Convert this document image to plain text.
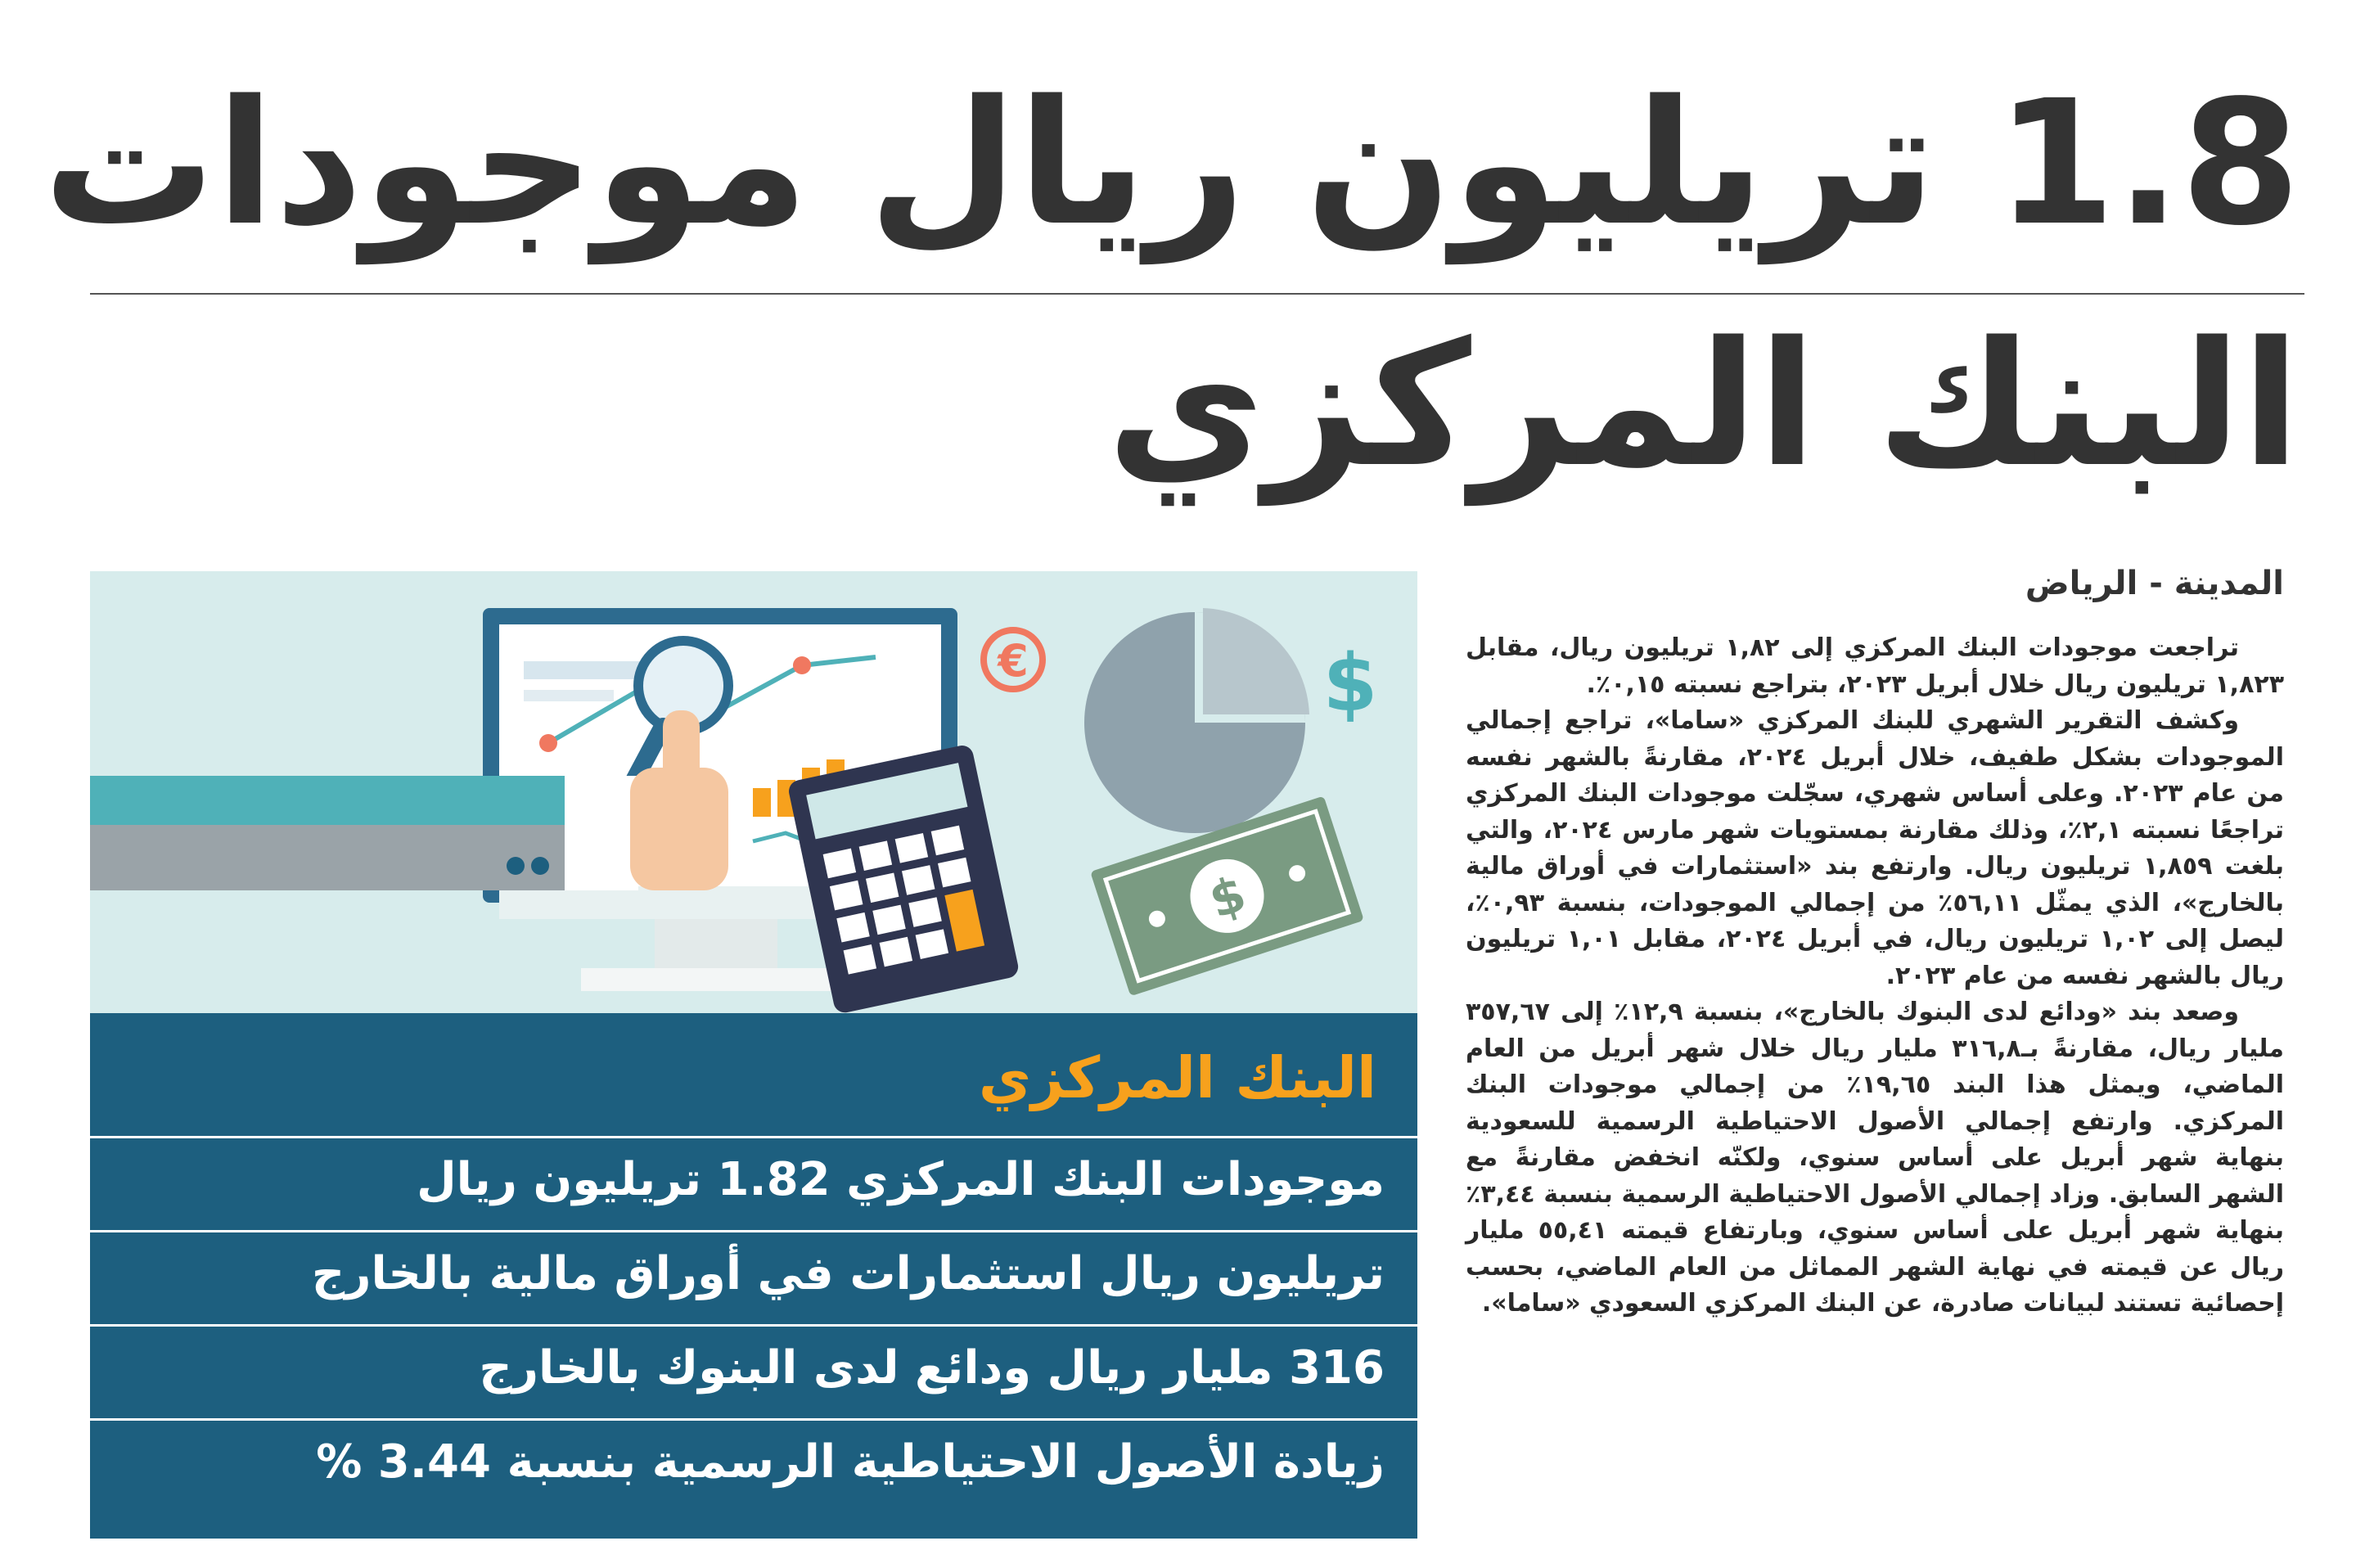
1.8 تريليون ريال موجودات
البنك المركزي
المدينة - الرياض

تراجعت موجودات البنك المركزي إلى ١,٨٢ تريليون ريال، مقابل ١,٨٢٣ تريليون ريال خلال أبريل ٢٠٢٣، بتراجع نسبته ٠,١٥٪.

وكشف التقرير الشهري للبنك المركزي «ساما»، تراجع إجمالي الموجودات بشكل طفيف، خلال أبريل ٢٠٢٤، مقارنةً بالشهر نفسه من عام ٢٠٢٣. وعلى أساس شهري، سجّلت موجودات البنك المركزي تراجعًا نسبته ٢,١٪، وذلك مقارنة بمستويات شهر مارس ٢٠٢٤، والتي بلغت ١,٨٥٩ تريليون ريال. وارتفع بند «استثمارات في أوراق مالية بالخارج»، الذي يمثّل ٥٦,١١٪ من إجمالي الموجودات، بنسبة ٠,٩٣٪، ليصل إلى ١,٠٢ تريليون ريال، في أبريل ٢٠٢٤، مقابل ١,٠١ تريليون ريال بالشهر نفسه من عام ٢٠٢٣.

وصعد بند «ودائع لدى البنوك بالخارج»، بنسبة ١٢,٩٪ إلى ٣٥٧,٦٧ مليار ريال، مقارنةً بـ٣١٦,٨ مليار ريال خلال شهر أبريل من العام الماضي، ويمثل هذا البند ١٩,٦٥٪ من إجمالي موجودات البنك المركزي. وارتفع إجمالي الأصول الاحتياطية الرسمية للسعودية بنهاية شهر أبريل على أساس سنوي، ولكنّه انخفض مقارنةً مع الشهر السابق. وزاد إجمالي الأصول الاحتياطية الرسمية بنسبة ٣,٤٤٪ بنهاية شهر أبريل على أساس سنوي، وبارتفاع قيمته ٥٥,٤١ مليار ريال عن قيمته في نهاية الشهر المماثل من العام الماضي، بحسب إحصائية تستند لبيانات صادرة، عن البنك المركزي السعودي «ساما».

€	$
$
البنك المركزي
موجودات البنك المركزي 1.82 تريليون ريال
تريليون ريال استثمارات في أوراق مالية بالخارج
316 مليار ريال ودائع لدى البنوك بالخارج
زيادة الأصول الاحتياطية الرسمية بنسبة 3.44 %
